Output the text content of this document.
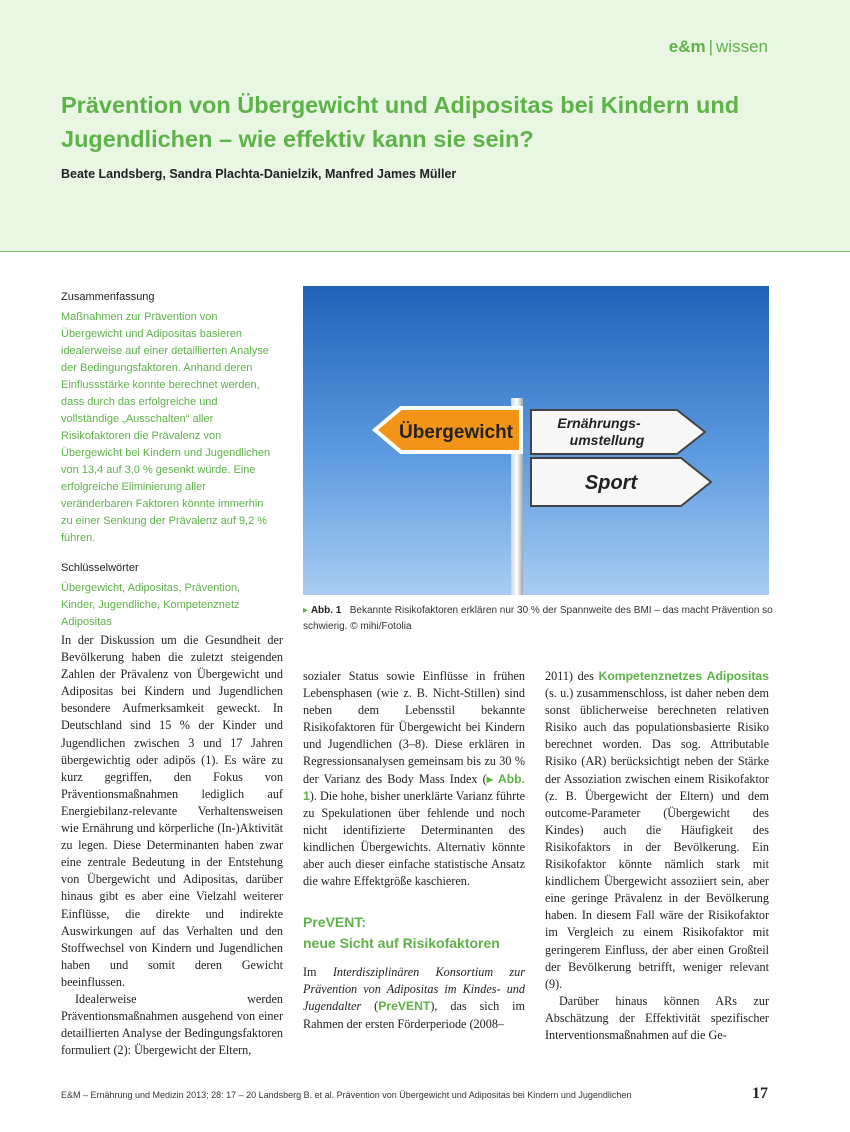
e&m | wissen
Prävention von Übergewicht und Adipositas bei Kindern und Jugendlichen – wie effektiv kann sie sein?
Beate Landsberg, Sandra Plachta-Danielzik, Manfred James Müller
Zusammenfassung

Maßnahmen zur Prävention von Übergewicht und Adipositas basieren idealerweise auf einer detaillierten Analyse der Bedingungsfaktoren. Anhand deren Einflussstärke konnte berechnet werden, dass durch das erfolgreiche und vollständige „Ausschalten“ aller Risikofaktoren die Prävalenz von Übergewicht bei Kindern und Jugendlichen von 13,4 auf 3,0 % gesenkt würde. Eine erfolgreiche Eliminierung aller veränderbaren Faktoren könnte immerhin zu einer Senkung der Prävalenz auf 9,2 % führen.

Schlüsselwörter

Übergewicht, Adipositas, Prävention, Kinder, Jugendliche, Kompetenznetz Adipositas

Übergewicht	Ernährungs-
umstellung
Sport
▸ Abb. 1 Bekannte Risikofaktoren erklären nur 30 % der Spannweite des BMI – das macht Prävention so schwierig. © mihi/Fotolia

In der Diskussion um die Gesundheit der Bevölkerung haben die zuletzt steigenden Zahlen der Prävalenz von Übergewicht und Adipositas bei Kindern und Jugendlichen besondere Aufmerksamkeit geweckt. In Deutschland sind 15 % der Kinder und Jugendlichen zwischen 3 und 17 Jahren übergewichtig oder adipös (1). Es wäre zu kurz gegriffen, den Fokus von Präventionsmaßnahmen lediglich auf Energiebilanz-relevante Verhaltensweisen wie Ernährung und körperliche (In-)Aktivität zu legen. Diese Determinanten haben zwar eine zentrale Bedeutung in der Entstehung von Übergewicht und Adipositas, darüber hinaus gibt es aber eine Vielzahl weiterer Einflüsse, die direkte und indirekte Auswirkungen auf das Verhalten und den Stoffwechsel von Kindern und Jugendlichen haben und somit deren Gewicht beeinflussen.

Idealerweise werden Präventionsmaßnahmen ausgehend von einer detaillierten Analyse der Bedingungsfaktoren formuliert (2): Übergewicht der Eltern,

sozialer Status sowie Einflüsse in frühen Lebensphasen (wie z. B. Nicht-Stillen) sind neben dem Lebensstil bekannte Risikofaktoren für Übergewicht bei Kindern und Jugendlichen (3–8). Diese erklären in Regressionsanalysen gemeinsam bis zu 30 % der Varianz des Body Mass Index (▸ Abb. 1). Die hohe, bisher unerklärte Varianz führte zu Spekulationen über fehlende und noch nicht identifizierte Determinanten des kindlichen Übergewichts. Alternativ könnte aber auch dieser einfache statistische Ansatz die wahre Effektgröße kaschieren.

PreVENT:
neue Sicht auf Risikofaktoren

Im Interdisziplinären Konsortium zur Prävention von Adipositas im Kindes- und Jugendalter (PreVENT), das sich im Rahmen der ersten Förderperiode (2008–

2011) des Kompetenznetzes Adipositas (s. u.) zusammenschloss, ist daher neben dem sonst üblicherweise berechneten relativen Risiko auch das populationsbasierte Risiko berechnet worden. Das sog. Attributable Risiko (AR) berücksichtigt neben der Stärke der Assoziation zwischen einem Risikofaktor (z. B. Übergewicht der Eltern) und dem outcome-Parameter (Übergewicht des Kindes) auch die Häufigkeit des Risikofaktors in der Bevölkerung. Ein Risikofaktor könnte nämlich stark mit kindlichem Übergewicht assoziiert sein, aber eine geringe Prävalenz in der Bevölkerung haben. In diesem Fall wäre der Risikofaktor im Vergleich zu einem Risikofaktor mit geringerem Einfluss, der aber einen Großteil der Bevölkerung betrifft, weniger relevant (9).

Darüber hinaus können ARs zur Abschätzung der Effektivität spezifischer Interventionsmaßnahmen auf die Ge-

E&M – Ernährung und Medizin 2013; 28: 17 – 20 Landsberg B. et al. Prävention von Übergewicht und Adipositas bei Kindern und Jugendlichen	17
